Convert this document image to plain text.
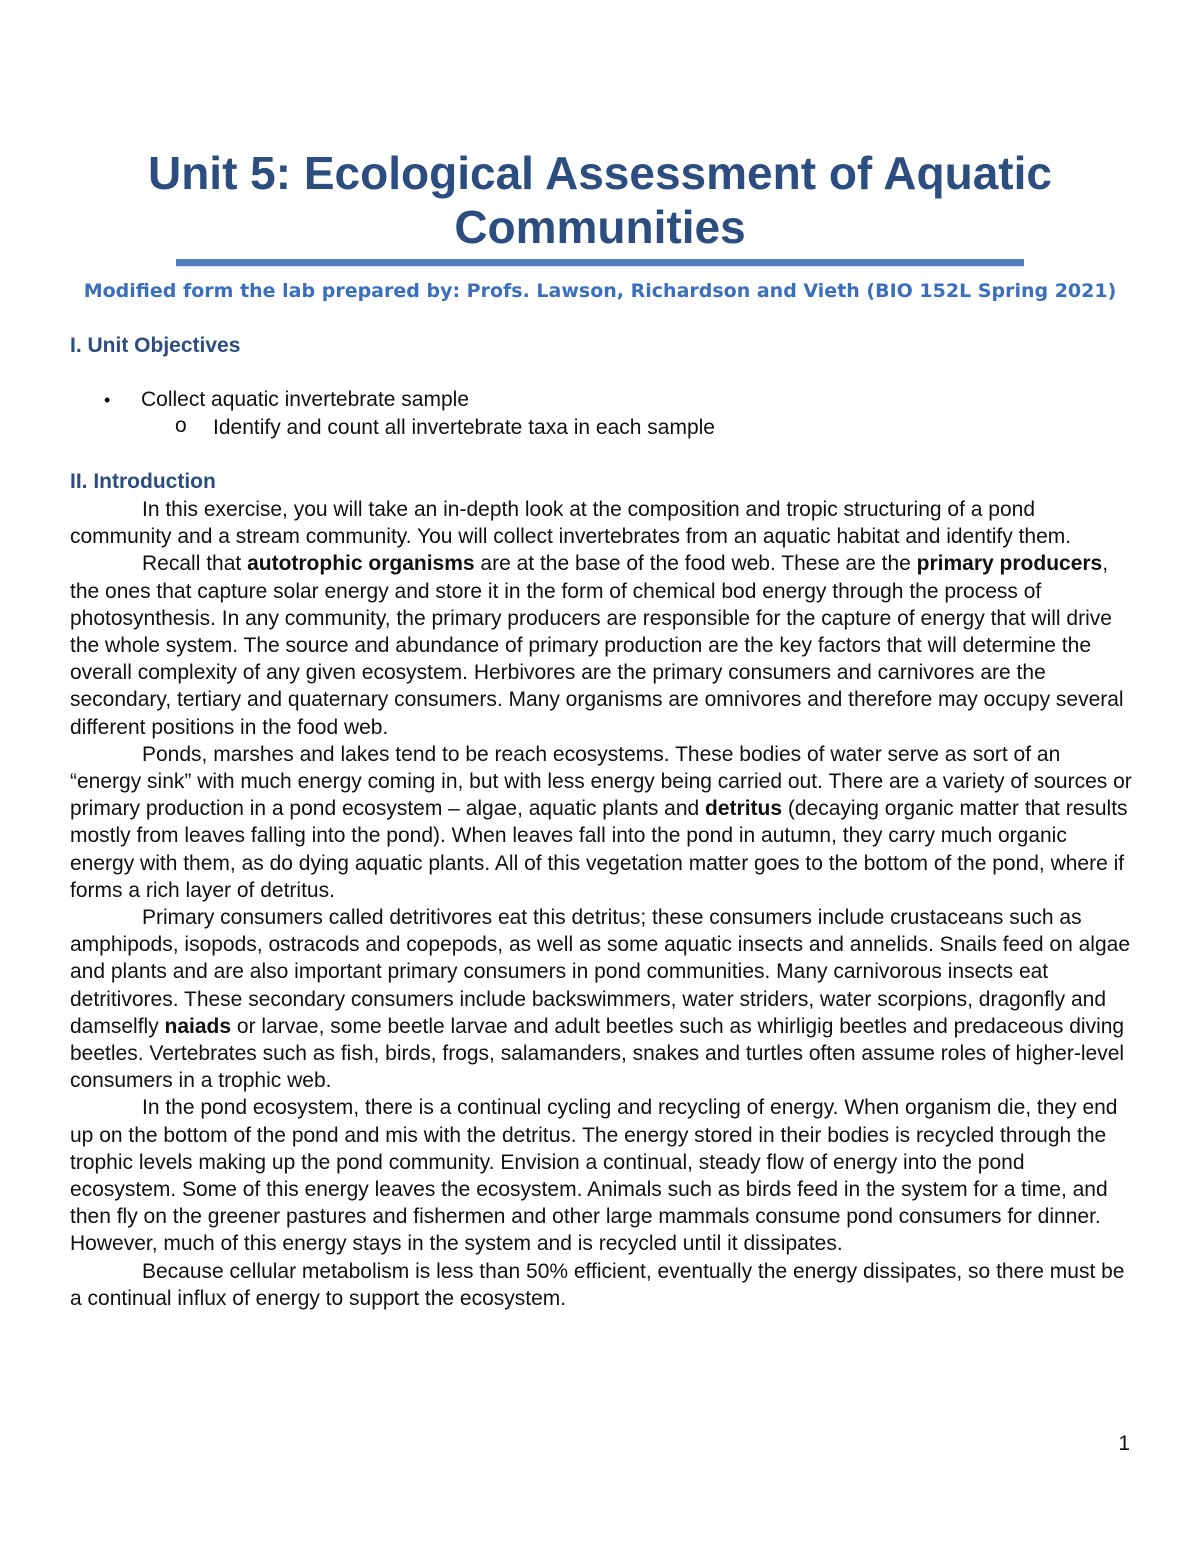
Unit 5: Ecological Assessment of Aquatic Communities
Modified form the lab prepared by: Profs. Lawson, Richardson and Vieth (BIO 152L Spring 2021)
I. Unit Objectives
• Collect aquatic invertebrate sample
o Identify and count all invertebrate taxa in each sample
II. Introduction

In this exercise, you will take an in-depth look at the composition and tropic structuring of a pond community and a stream community. You will collect invertebrates from an aquatic habitat and identify them.

Recall that autotrophic organisms are at the base of the food web. These are the primary producers, the ones that capture solar energy and store it in the form of chemical bod energy through the process of photosynthesis. In any community, the primary producers are responsible for the capture of energy that will drive the whole system. The source and abundance of primary production are the key factors that will determine the overall complexity of any given ecosystem. Herbivores are the primary consumers and carnivores are the secondary, tertiary and quaternary consumers. Many organisms are omnivores and therefore may occupy several different positions in the food web.

Ponds, marshes and lakes tend to be reach ecosystems. These bodies of water serve as sort of an “energy sink” with much energy coming in, but with less energy being carried out. There are a variety of sources or primary production in a pond ecosystem – algae, aquatic plants and detritus (decaying organic matter that results mostly from leaves falling into the pond). When leaves fall into the pond in autumn, they carry much organic energy with them, as do dying aquatic plants. All of this vegetation matter goes to the bottom of the pond, where if forms a rich layer of detritus.

Primary consumers called detritivores eat this detritus; these consumers include crustaceans such as amphipods, isopods, ostracods and copepods, as well as some aquatic insects and annelids. Snails feed on algae and plants and are also important primary consumers in pond communities. Many carnivorous insects eat detritivores. These secondary consumers include backswimmers, water striders, water scorpions, dragonfly and damselfly naiads or larvae, some beetle larvae and adult beetles such as whirligig beetles and predaceous diving beetles. Vertebrates such as fish, birds, frogs, salamanders, snakes and turtles often assume roles of higher-level consumers in a trophic web.

In the pond ecosystem, there is a continual cycling and recycling of energy. When organism die, they end up on the bottom of the pond and mis with the detritus. The energy stored in their bodies is recycled through the trophic levels making up the pond community. Envision a continual, steady flow of energy into the pond ecosystem. Some of this energy leaves the ecosystem. Animals such as birds feed in the system for a time, and then fly on the greener pastures and fishermen and other large mammals consume pond consumers for dinner. However, much of this energy stays in the system and is recycled until it dissipates.

Because cellular metabolism is less than 50% efficient, eventually the energy dissipates, so there must be a continual influx of energy to support the ecosystem.

1
